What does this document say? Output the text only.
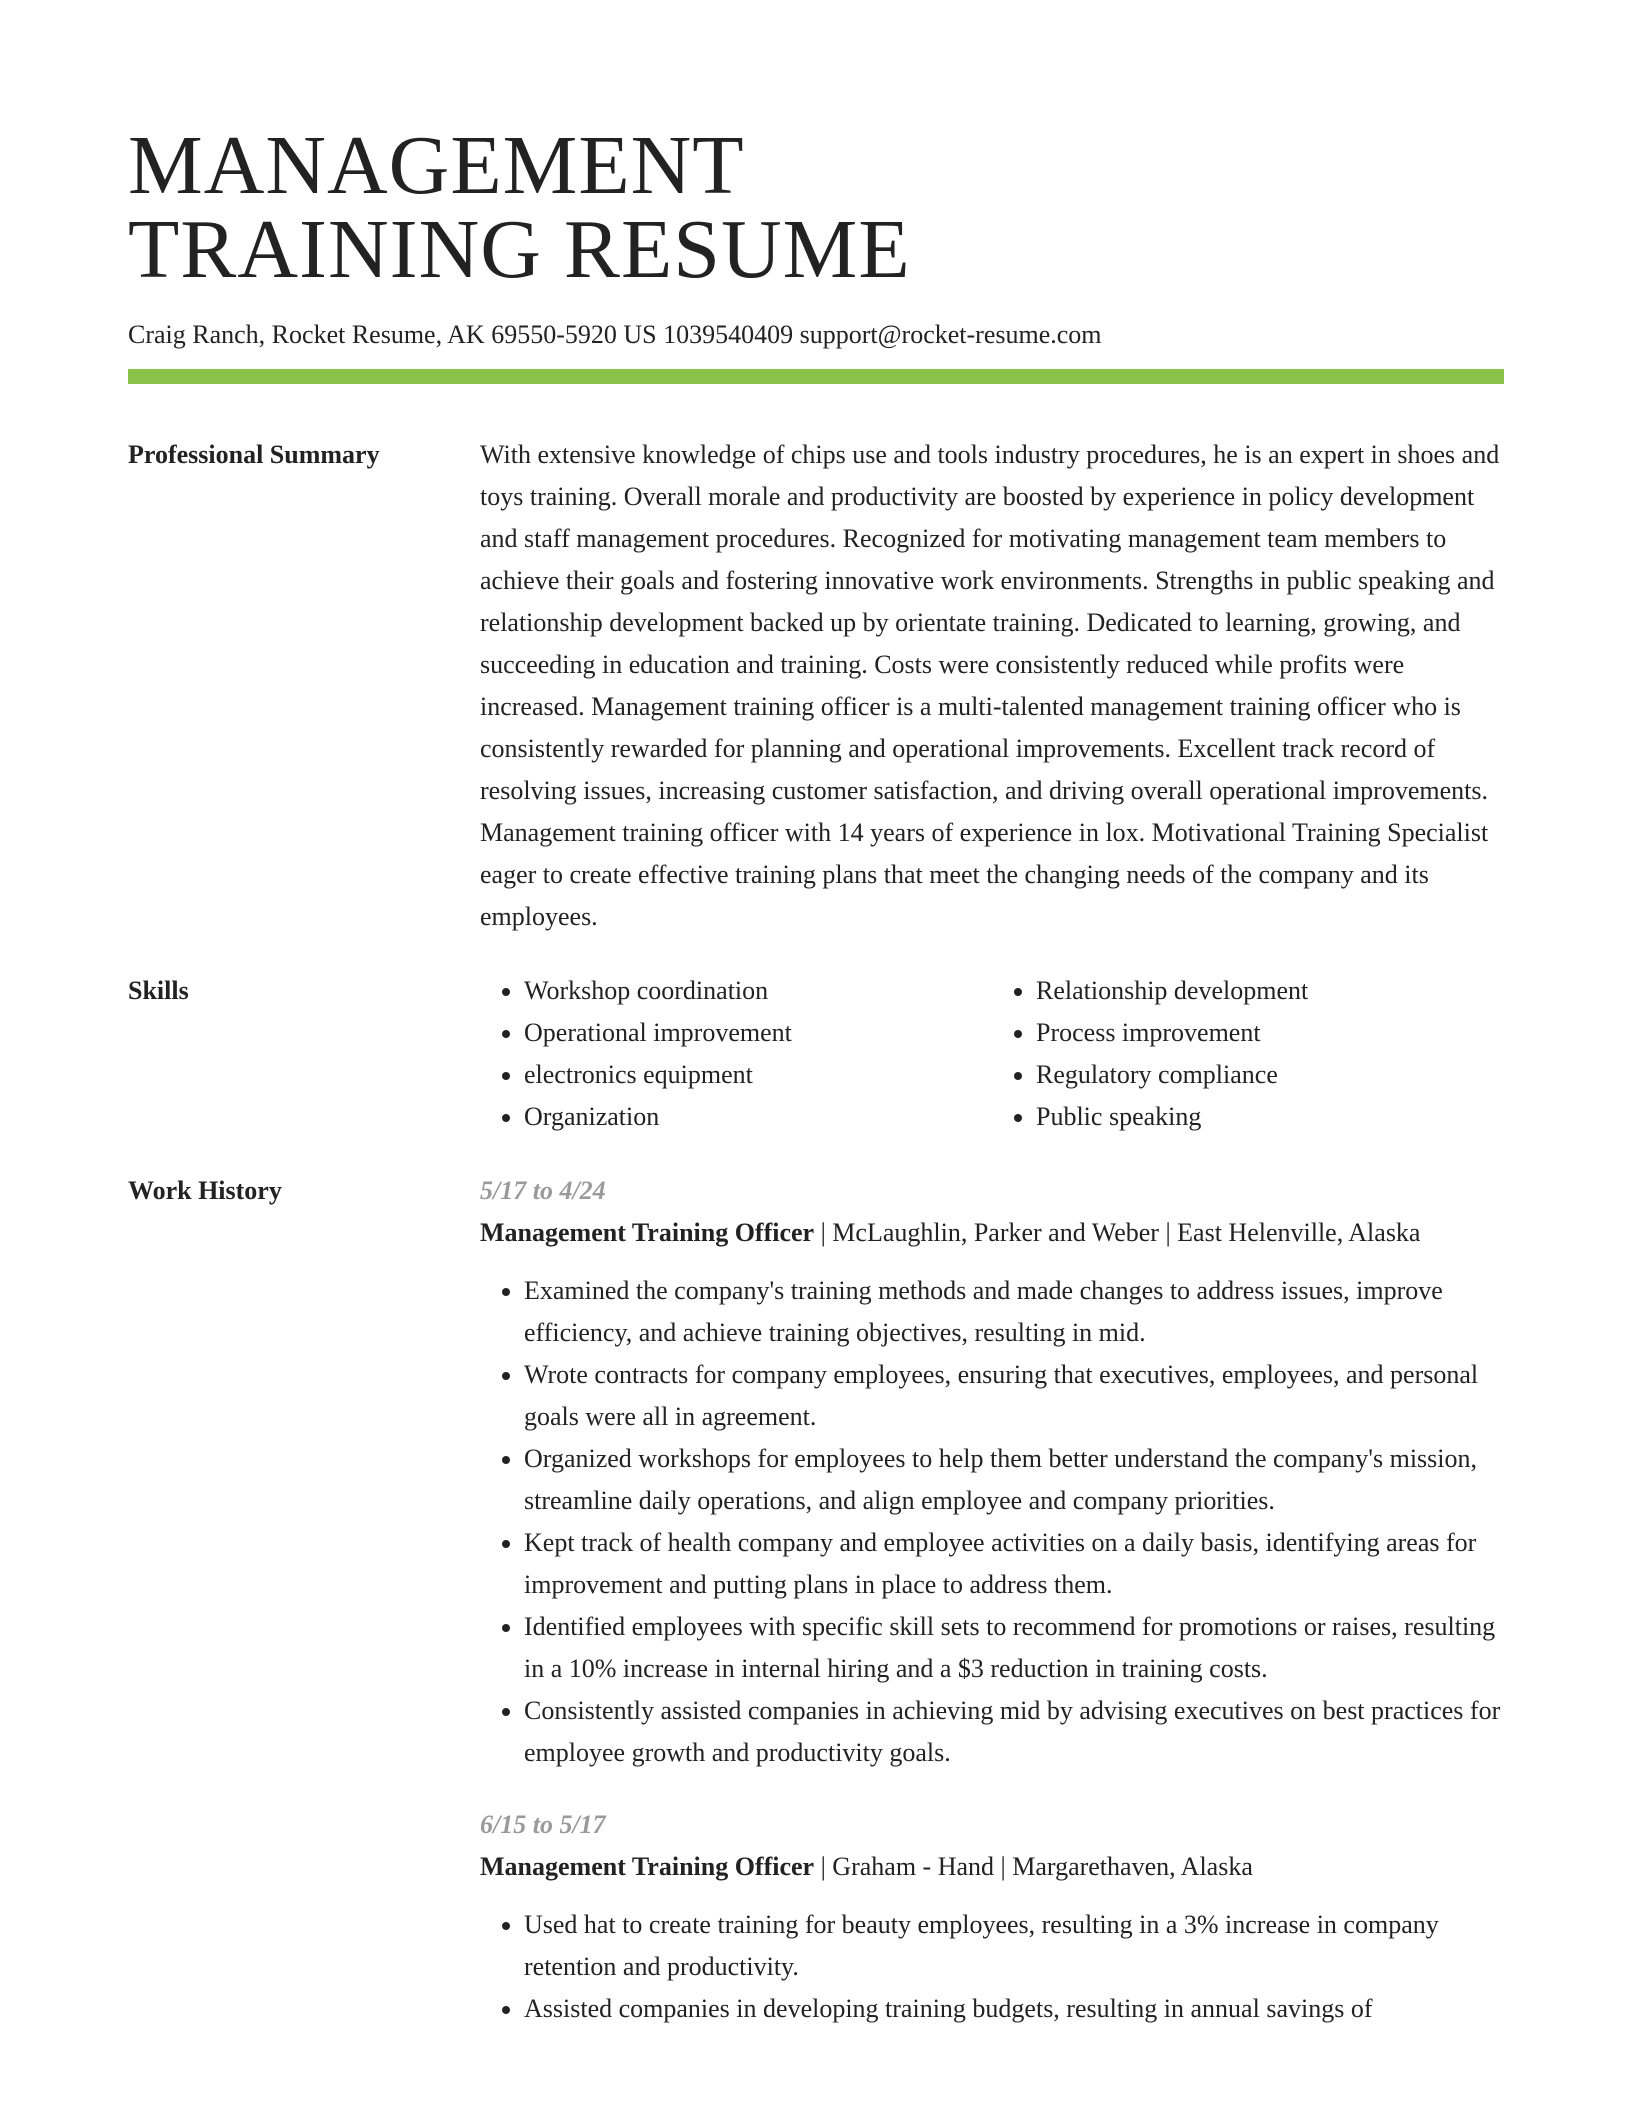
MANAGEMENT
TRAINING RESUME
Craig Ranch, Rocket Resume, AK 69550-5920 US 1039540409 support@rocket-resume.com
Professional Summary	With extensive knowledge of chips use and tools industry procedures, he is an expert in shoes and toys training. Overall morale and productivity are boosted by experience in policy development and staff management procedures. Recognized for motivating management team members to achieve their goals and fostering innovative work environments. Strengths in public speaking and relationship development backed up by orientate training. Dedicated to learning, growing, and succeeding in education and training. Costs were consistently reduced while profits were increased. Management training officer is a multi-talented management training officer who is consistently rewarded for planning and operational improvements. Excellent track record of resolving issues, increasing customer satisfaction, and driving overall operational improvements. Management training officer with 14 years of experience in lox. Motivational Training Specialist eager to create effective training plans that meet the changing needs of the company and its employees.

Skills
•	Workshop coordination
• Operational improvement
• electronics equipment
• Organization
• Relationship development
• Process improvement
• Regulatory compliance
• Public speaking
Work History	5/17 to 4/24

Management Training Officer | McLaughlin, Parker and Weber | East Helenville, Alaska

• Examined the company's training methods and made changes to address issues, improve efficiency, and achieve training objectives, resulting in mid.
• Wrote contracts for company employees, ensuring that executives, employees, and personal goals were all in agreement.
• Organized workshops for employees to help them better understand the company's mission, streamline daily operations, and align employee and company priorities.
• Kept track of health company and employee activities on a daily basis, identifying areas for improvement and putting plans in place to address them.
• Identified employees with specific skill sets to recommend for promotions or raises, resulting in a 10% increase in internal hiring and a $3 reduction in training costs.
• Consistently assisted companies in achieving mid by advising executives on best practices for employee growth and productivity goals.
6/15 to 5/17

Management Training Officer | Graham - Hand | Margarethaven, Alaska

• Used hat to create training for beauty employees, resulting in a 3% increase in company retention and productivity.
• Assisted companies in developing training budgets, resulting in annual savings of
